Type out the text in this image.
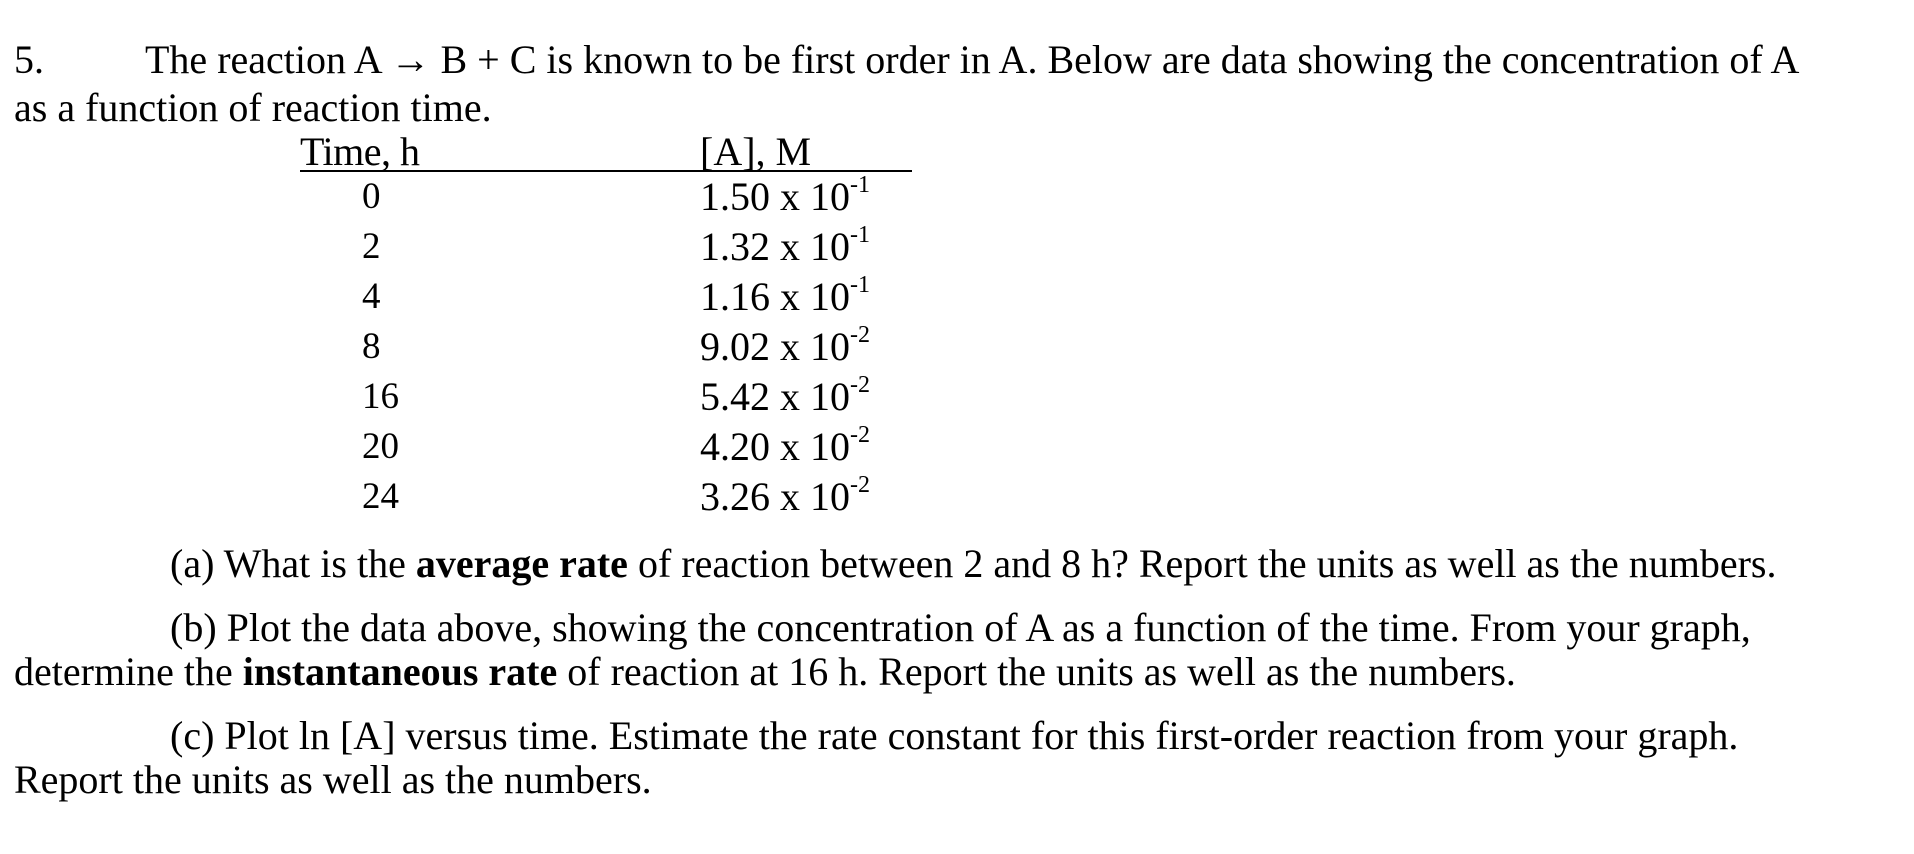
5.	The reaction A → B + C is known to be first order in A. Below are data showing the concentration of A
as a function of reaction time.
Time, h	[A], M
0	1.50 x $10^{-1}$
2	1.32 x $10^{-1}$
4	1.16 x $10^{-1}$
8	9.02 x $10^{-2}$
16	5.42 x $10^{-2}$
20	4.20 x $10^{-2}$
24	3.26 x $10^{-2}$
(a) What is the average rate of reaction between 2 and 8 h? Report the units as well as the numbers.
(b) Plot the data above, showing the concentration of A as a function of the time. From your graph,
determine the instantaneous rate of reaction at 16 h. Report the units as well as the numbers.
(c) Plot ln [A] versus time. Estimate the rate constant for this first-order reaction from your graph.
Report the units as well as the numbers.
